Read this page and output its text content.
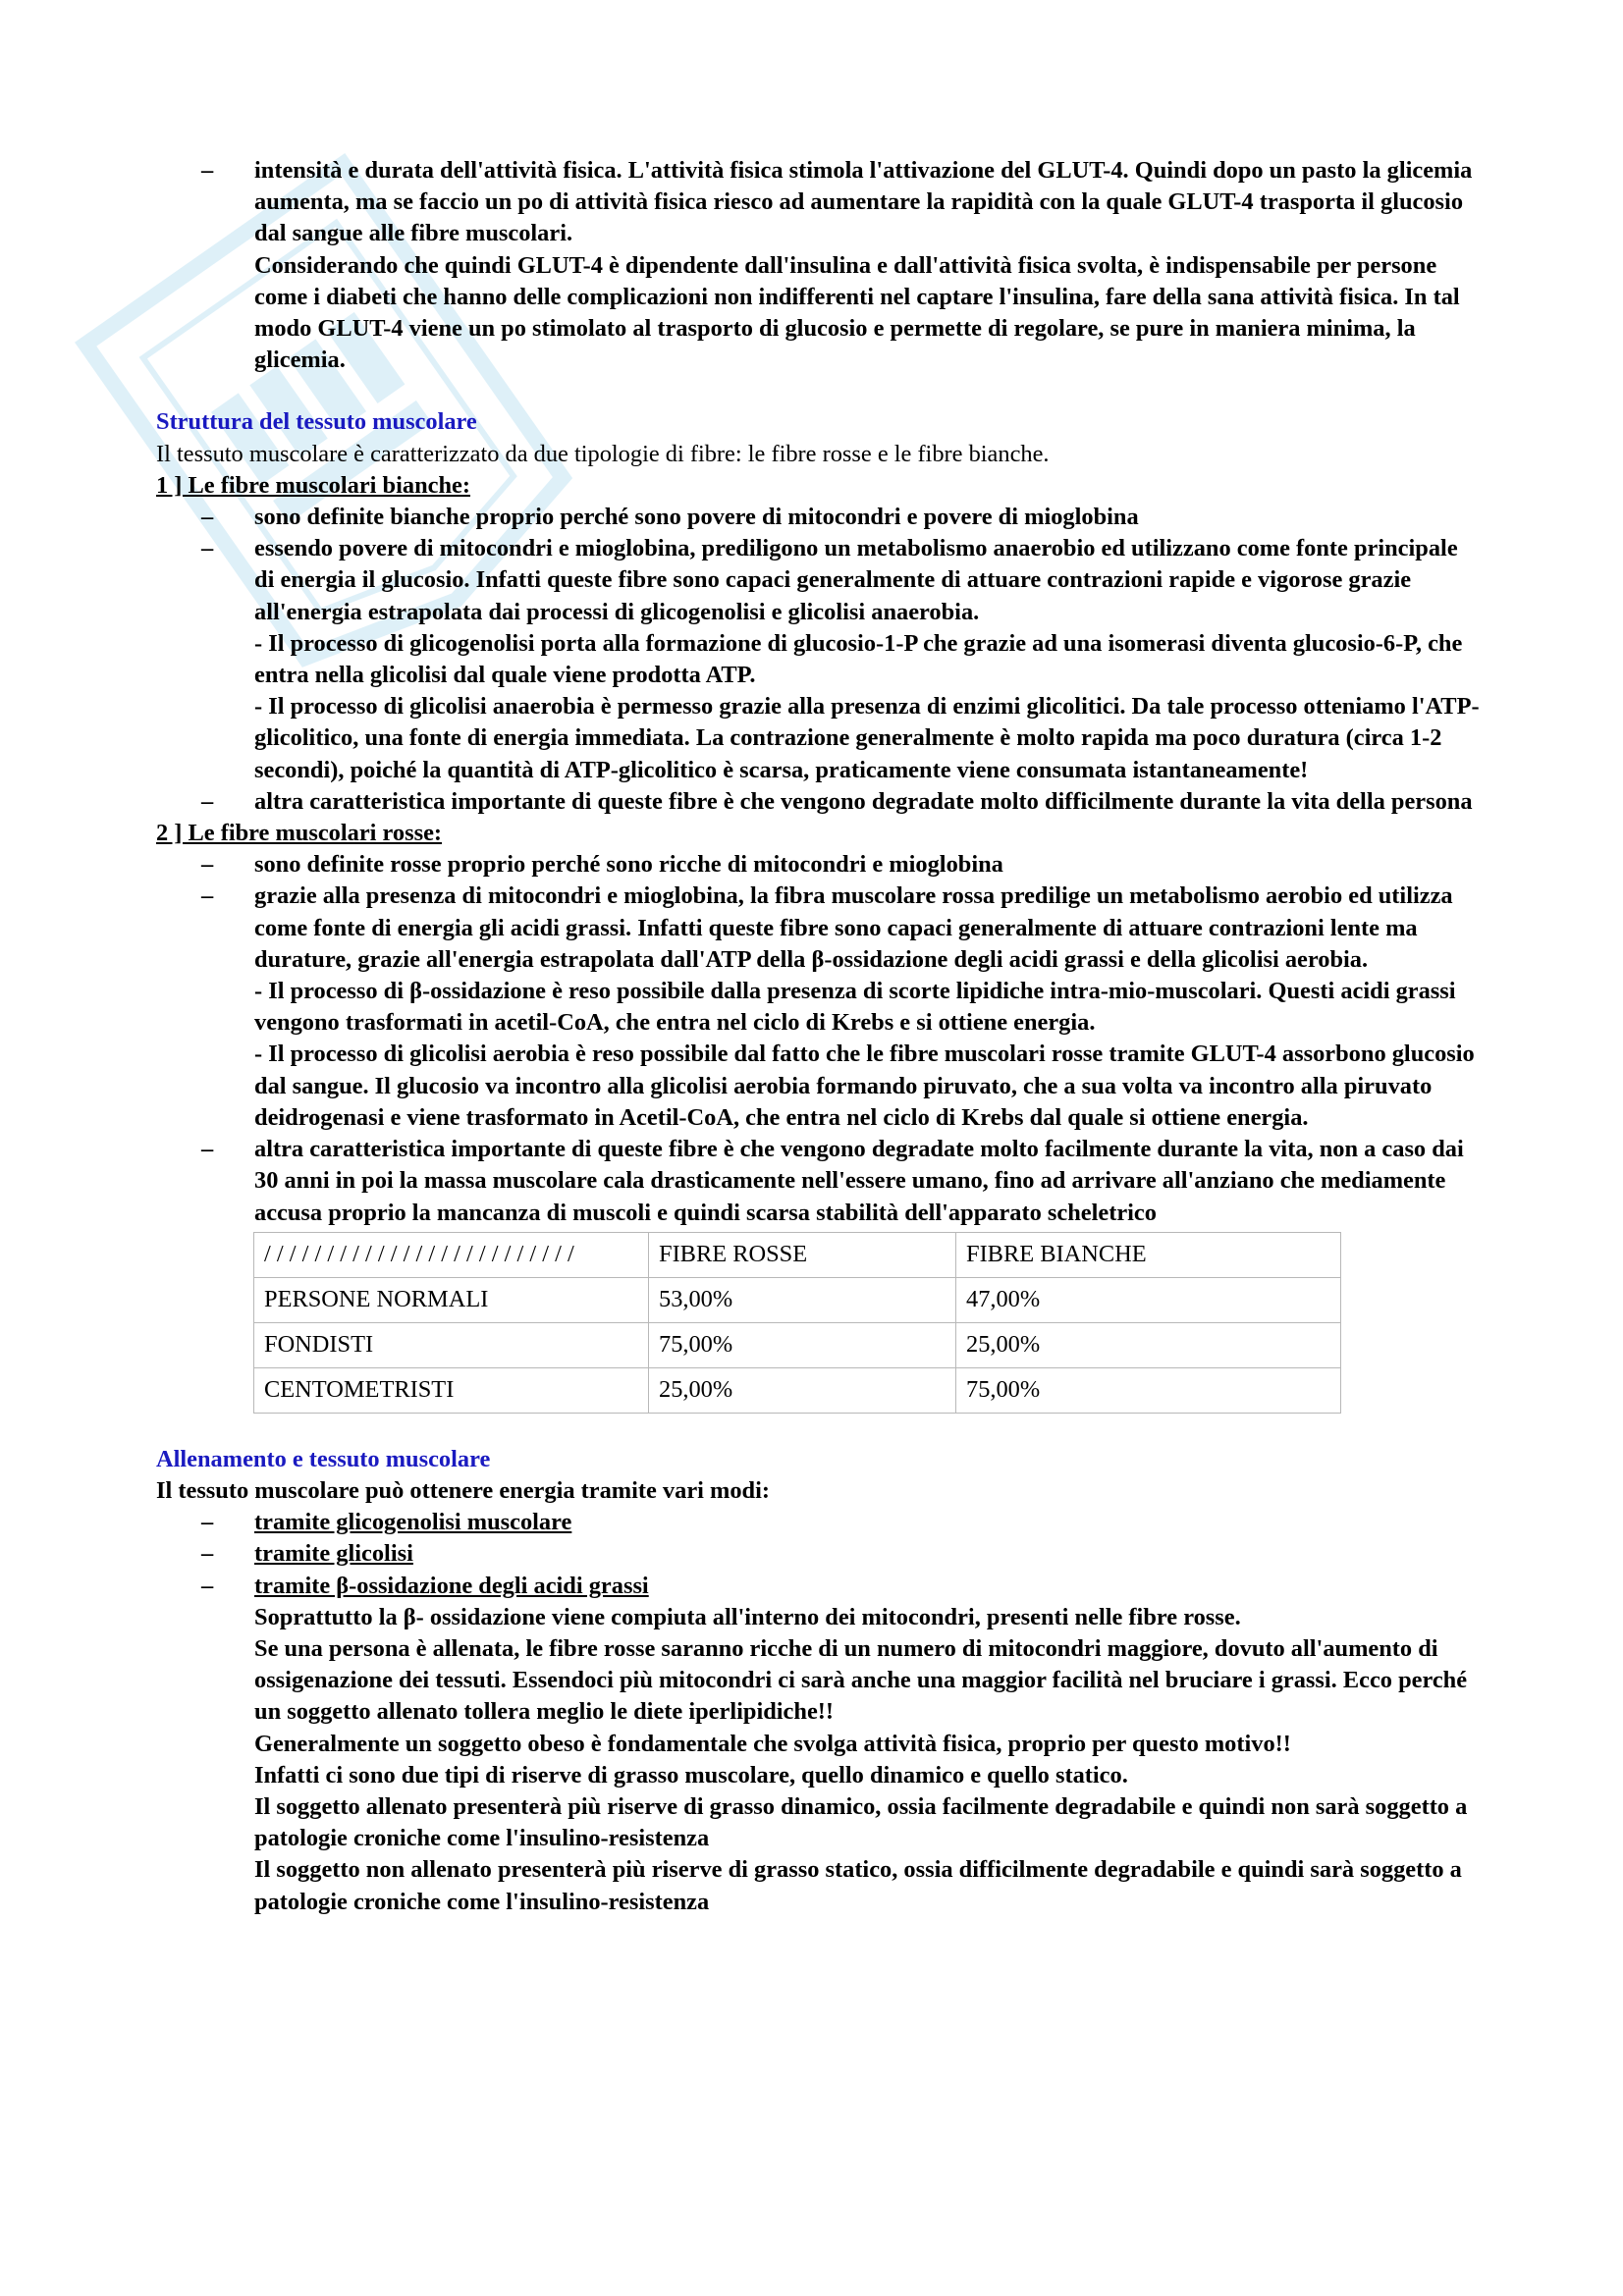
– intensità e durata dell'attività fisica. L'attività fisica stimola l'attivazione del GLUT-4. Quindi dopo un pasto la glicemia aumenta, ma se faccio un po di attività fisica riesco ad aumentare la rapidità con la quale GLUT-4 trasporta il glucosio dal sangue alle fibre muscolari.
Considerando che quindi GLUT-4 è dipendente dall'insulina e dall'attività fisica svolta, è indispensabile per persone come i diabeti che hanno delle complicazioni non indifferenti nel captare l'insulina, fare della sana attività fisica. In tal modo GLUT-4 viene un po stimolato al trasporto di glucosio e permette di regolare, se pure in maniera minima, la glicemia.
Struttura del tessuto muscolare
Il tessuto muscolare è caratterizzato da due tipologie di fibre: le fibre rosse e le fibre bianche.
1 ] Le fibre muscolari bianche:
– sono definite bianche proprio perché sono povere di mitocondri e povere di mioglobina
– essendo povere di mitocondri e mioglobina, prediligono un metabolismo anaerobio ed utilizzano come fonte principale di energia il glucosio. Infatti queste fibre sono capaci generalmente di attuare contrazioni rapide e vigorose grazie all'energia estrapolata dai processi di glicogenolisi e glicolisi anaerobia.
- Il processo di glicogenolisi porta alla formazione di glucosio-1-P che grazie ad una isomerasi diventa glucosio-6-P, che entra nella glicolisi dal quale viene prodotta ATP.
- Il processo di glicolisi anaerobia è permesso grazie alla presenza di enzimi glicolitici. Da tale processo otteniamo l'ATP-glicolitico, una fonte di energia immediata. La contrazione generalmente è molto rapida ma poco duratura (circa 1-2 secondi), poiché la quantità di ATP-glicolitico è scarsa, praticamente viene consumata istantaneamente!
– altra caratteristica importante di queste fibre è che vengono degradate molto difficilmente durante la vita della persona
2 ] Le fibre muscolari rosse:
– sono definite rosse proprio perché sono ricche di mitocondri e mioglobina
– grazie alla presenza di mitocondri e mioglobina, la fibra muscolare rossa predilige un metabolismo aerobio ed utilizza come fonte di energia gli acidi grassi. Infatti queste fibre sono capaci generalmente di attuare contrazioni lente ma durature, grazie all'energia estrapolata dall'ATP della β-ossidazione degli acidi grassi e della glicolisi aerobia.
- Il processo di β-ossidazione è reso possibile dalla presenza di scorte lipidiche intra-mio-muscolari. Questi acidi grassi vengono trasformati in acetil-CoA, che entra nel ciclo di Krebs e si ottiene energia.
- Il processo di glicolisi aerobia è reso possibile dal fatto che le fibre muscolari rosse tramite GLUT-4 assorbono glucosio dal sangue. Il glucosio va incontro alla glicolisi aerobia formando piruvato, che a sua volta va incontro alla piruvato deidrogenasi e viene trasformato in Acetil-CoA, che entra nel ciclo di Krebs dal quale si ottiene energia.
– altra caratteristica importante di queste fibre è che vengono degradate molto facilmente durante la vita, non a caso dai 30 anni in poi la massa muscolare cala drasticamente nell'essere umano, fino ad arrivare all'anziano che mediamente accusa proprio la mancanza di muscoli e quindi scarsa stabilità dell'apparato scheletrico
/ / / / / / / / / / / / / / / / / / / / / / / / /	FIBRE ROSSE	FIBRE BIANCHE
PERSONE NORMALI	53,00%	47,00%
FONDISTI	75,00%	25,00%
CENTOMETRISTI	25,00%	75,00%
Allenamento e tessuto muscolare
Il tessuto muscolare può ottenere energia tramite vari modi:
– tramite glicogenolisi muscolare
– tramite glicolisi
– tramite β-ossidazione degli acidi grassi
Soprattutto la β- ossidazione viene compiuta all'interno dei mitocondri, presenti nelle fibre rosse.
Se una persona è allenata, le fibre rosse saranno ricche di un numero di mitocondri maggiore, dovuto all'aumento di ossigenazione dei tessuti. Essendoci più mitocondri ci sarà anche una maggior facilità nel bruciare i grassi. Ecco perché un soggetto allenato tollera meglio le diete iperlipidiche!!
Generalmente un soggetto obeso è fondamentale che svolga attività fisica, proprio per questo motivo!!
Infatti ci sono due tipi di riserve di grasso muscolare, quello dinamico e quello statico.
Il soggetto allenato presenterà più riserve di grasso dinamico, ossia facilmente degradabile e quindi non sarà soggetto a patologie croniche come l'insulino-resistenza
Il soggetto non allenato presenterà più riserve di grasso statico, ossia difficilmente degradabile e quindi sarà soggetto a patologie croniche come l'insulino-resistenza
